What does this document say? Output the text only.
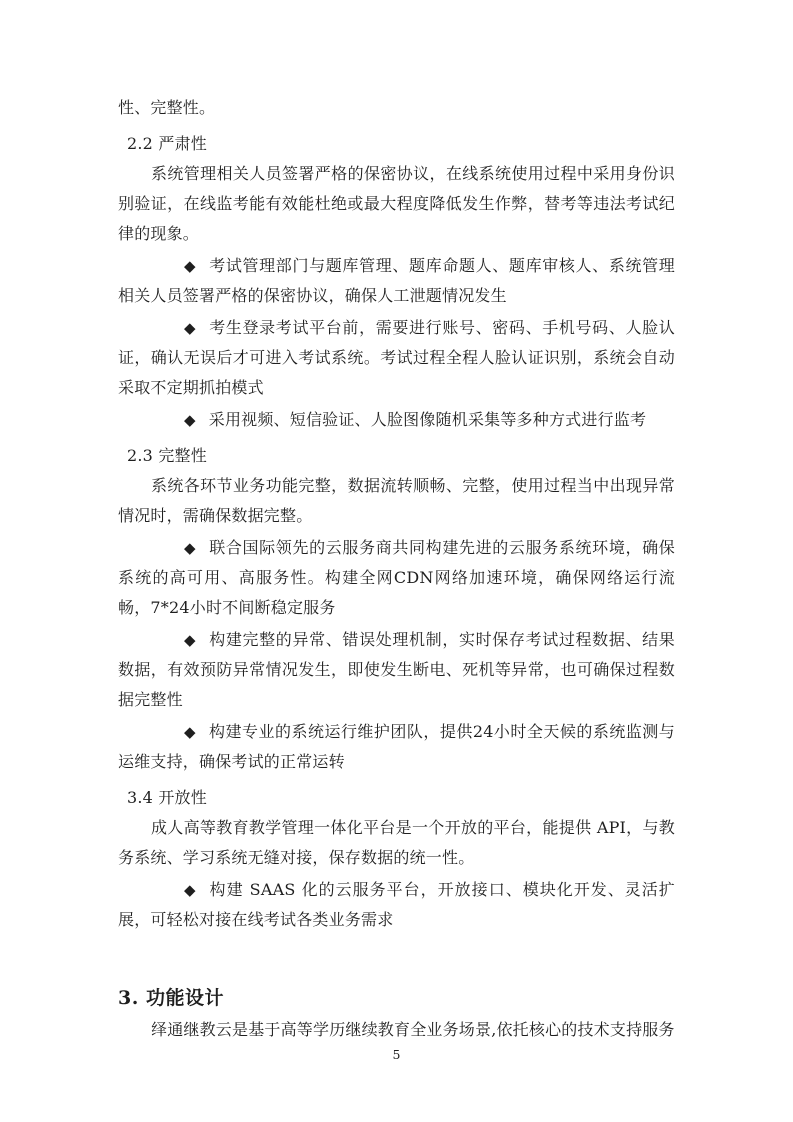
性、完整性。

2.2 严肃性

系统管理相关人员签署严格的保密协议，在线系统使用过程中采用身份识别验证，在线监考能有效能杜绝或最大程度降低发生作弊，替考等违法考试纪律的现象。

◆ 考试管理部门与题库管理、题库命题人、题库审核人、系统管理相关人员签署严格的保密协议，确保人工泄题情况发生

◆ 考生登录考试平台前，需要进行账号、密码、手机号码、人脸认证，确认无误后才可进入考试系统。考试过程全程人脸认证识别，系统会自动采取不定期抓拍模式

◆ 采用视频、短信验证、人脸图像随机采集等多种方式进行监考

2.3 完整性

系统各环节业务功能完整，数据流转顺畅、完整，使用过程当中出现异常情况时，需确保数据完整。

◆ 联合国际领先的云服务商共同构建先进的云服务系统环境，确保系统的高可用、高服务性。构建全网CDN网络加速环境，确保网络运行流畅，7*24小时不间断稳定服务

◆ 构建完整的异常、错误处理机制，实时保存考试过程数据、结果数据，有效预防异常情况发生，即使发生断电、死机等异常，也可确保过程数据完整性

◆ 构建专业的系统运行维护团队，提供24小时全天候的系统监测与运维支持，确保考试的正常运转

3.4 开放性

成人高等教育教学管理一体化平台是一个开放的平台，能提供 API，与教务系统、学习系统无缝对接，保存数据的统一性。

◆ 构建 SAAS 化的云服务平台，开放接口、模块化开发、灵活扩展，可轻松对接在线考试各类业务需求

3. 功能设计

绎通继教云是基于高等学历继续教育全业务场景,依托核心的技术支持服务

5
